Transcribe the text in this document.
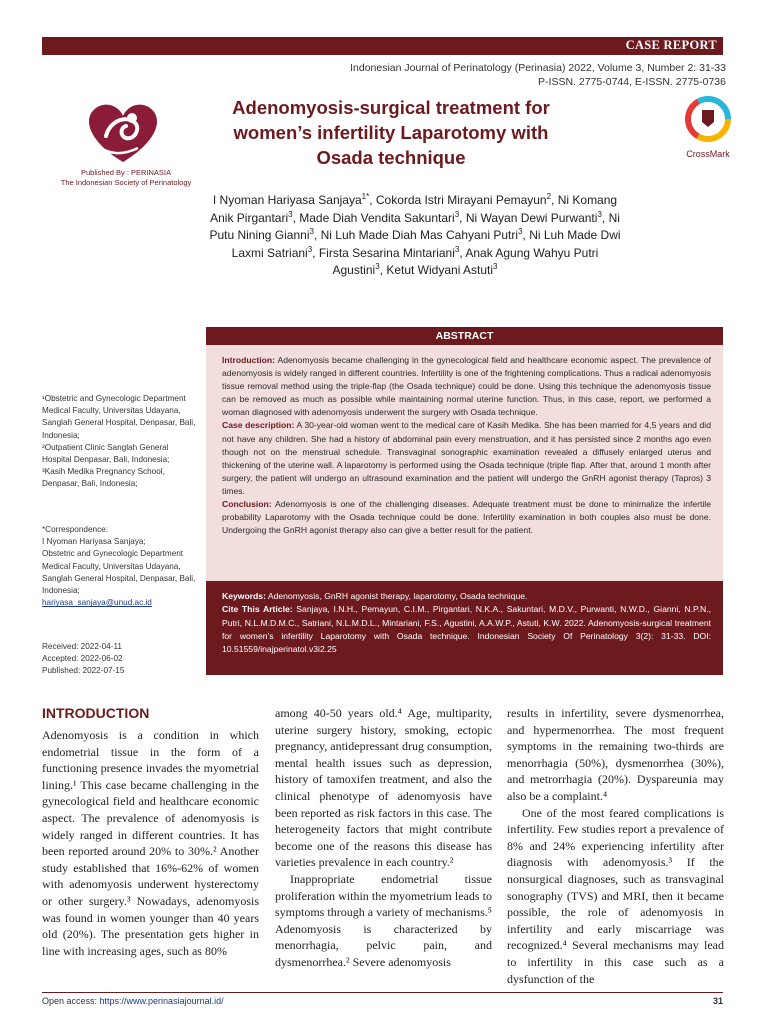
CASE REPORT
Indonesian Journal of Perinatology (Perinasia) 2022, Volume 3, Number 2: 31-33
P-ISSN. 2775-0744, E-ISSN. 2775-0736
Published By : PERINASIA
The Indonesian Society of Perinatology
Adenomyosis-surgical treatment for women’s infertility Laparotomy with Osada technique	CrossMark
I Nyoman Hariyasa Sanjaya$^{1*}$, Cokorda Istri Mirayani Pemayun$^2$, Ni Komang Anik Pirgantari$^3$, Made Diah Vendita Sakuntari$^3$, Ni Wayan Dewi Purwanti$^3$, Ni Putu Nining Gianni$^3$, Ni Luh Made Diah Mas Cahyani Putri$^3$, Ni Luh Made Dwi Laxmi Satriani$^3$, Firsta Sesarina Mintariani$^3$, Anak Agung Wahyu Putri Agustini$^3$, Ketut Widyani Astuti$^3$
ABSTRACT

Introduction: Adenomyosis became challenging in the gynecological field and healthcare economic aspect. The prevalence of adenomyosis is widely ranged in different countries. Infertility is one of the frightening complications. Thus a radical adenomyosis tissue removal method using the triple-flap (the Osada technique) could be done. Using this technique the adenomyosis tissue can be removed as much as possible while maintaining normal uterine function. Thus, in this case, report, we performed a woman diagnosed with adenomyosis underwent the surgery with Osada technique.

Case description: A 30-year-old woman went to the medical care of Kasih Medika. She has been married for 4,5 years and did not have any children. She had a history of abdominal pain every menstruation, and it has persisted since 2 months ago even though not on the menstrual schedule. Transvaginal sonographic examination revealed a diffusely enlarged uterus and thickening of the uterine wall. A laparotomy is performed using the Osada technique (triple flap. After that, around 1 month after surgery, the patient will undergo an ultrasound examination and the patient will undergo the GnRH agonist therapy (Tapros) 3 times.

Conclusion: Adenomyosis is one of the challenging diseases. Adequate treatment must be done to minimalize the infertile probability Laparotomy with the Osada technique could be done. Infertility examination in both couples also must be done. Undergoing the GnRH agonist therapy also can give a better result for the patient.

Keywords: Adenomyosis, GnRH agonist therapy, laparotomy, Osada technique.

Cite This Article: Sanjaya, I.N.H., Pemayun, C.I.M., Pirgantari, N.K.A., Sakuntari, M.D.V., Purwanti, N.W.D., Gianni, N.P.N., Putri, N.L.M.D.M.C., Satriani, N.L.M.D.L., Mintariani, F.S., Agustini, A.A.W.P., Astuti, K.W. 2022. Adenomyosis-surgical treatment for women’s infertility Laparotomy with Osada technique. Indonesian Society Of Perinatology 3(2): 31-33. DOI: 10.51559/inajperinatol.v3i2.25

¹Obstetric and Gynecologic Department Medical Faculty, Universitas Udayana, Sanglah General Hospital, Denpasar, Bali, Indonesia;
²Outpatient Clinic Sanglah General Hospital Denpasar, Bali, Indonesia;
³Kasih Medika Pregnancy School, Denpasar, Bali, Indonesia;
*Correspondence:
I Nyoman Hariyasa Sanjaya;
Obstetric and Gynecologic Department Medical Faculty, Universitas Udayana, Sanglah General Hospital, Denpasar, Bali, Indonesia;
hariyasa_sanjaya@unud.ac.id
Received: 2022-04-11
Accepted: 2022-06-02
Published: 2022-07-15
INTRODUCTION

Adenomyosis is a condition in which endometrial tissue in the form of a functioning presence invades the myometrial lining.¹ This case became challenging in the gynecological field and healthcare economic aspect. The prevalence of adenomyosis is widely ranged in different countries. It has been reported around 20% to 30%.² Another study established that 16%-62% of women with adenomyosis underwent hysterectomy or other surgery.³ Nowadays, adenomyosis was found in women younger than 40 years old (20%). The presentation gets higher in line with increasing ages, such as 80%

among 40-50 years old.⁴ Age, multiparity, uterine surgery history, smoking, ectopic pregnancy, antidepressant drug consumption, mental health issues such as depression, history of tamoxifen treatment, and also the clinical phenotype of adenomyosis have been reported as risk factors in this case. The heterogeneity factors that might contribute become one of the reasons this disease has varieties prevalence in each country.²

Inappropriate endometrial tissue proliferation within the myometrium leads to symptoms through a variety of mechanisms.⁵ Adenomyosis is characterized by menorrhagia, pelvic pain, and dysmenorrhea.² Severe adenomyosis

results in infertility, severe dysmenorrhea, and hypermenorrhea. The most frequent symptoms in the remaining two-thirds are menorrhagia (50%), dysmenorrhea (30%), and metrorrhagia (20%). Dyspareunia may also be a complaint.⁴

One of the most feared complications is infertility. Few studies report a prevalence of 8% and 24% experiencing infertility after diagnosis with adenomyosis.³ If the nonsurgical diagnoses, such as transvaginal sonography (TVS) and MRI, then it became possible, the role of adenomyosis in infertility and early miscarriage was recognized.⁴ Several mechanisms may lead to infertility in this case such as a dysfunction of the

Open access: https://www.perinasiajournal.id/	31
